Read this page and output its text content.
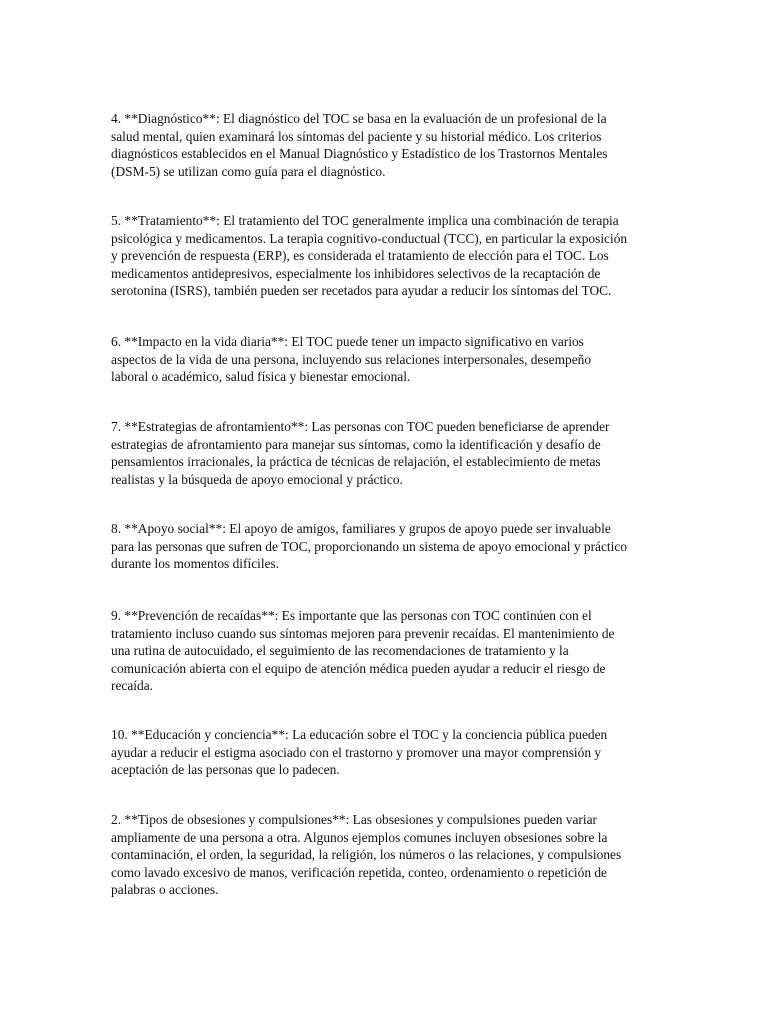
4. **Diagnóstico**: El diagnóstico del TOC se basa en la evaluación de un profesional de la
salud mental, quien examinará los síntomas del paciente y su historial médico. Los criterios
diagnósticos establecidos en el Manual Diagnóstico y Estadístico de los Trastornos Mentales
(DSM-5) se utilizan como guía para el diagnóstico.

5. **Tratamiento**: El tratamiento del TOC generalmente implica una combinación de terapia
psicológica y medicamentos. La terapia cognitivo-conductual (TCC), en particular la exposición
y prevención de respuesta (ERP), es considerada el tratamiento de elección para el TOC. Los
medicamentos antidepresivos, especialmente los inhibidores selectivos de la recaptación de
serotonina (ISRS), también pueden ser recetados para ayudar a reducir los síntomas del TOC.

6. **Impacto en la vida diaria**: El TOC puede tener un impacto significativo en varios
aspectos de la vida de una persona, incluyendo sus relaciones interpersonales, desempeño
laboral o académico, salud física y bienestar emocional.

7. **Estrategias de afrontamiento**: Las personas con TOC pueden beneficiarse de aprender
estrategias de afrontamiento para manejar sus síntomas, como la identificación y desafío de
pensamientos irracionales, la práctica de técnicas de relajación, el establecimiento de metas
realistas y la búsqueda de apoyo emocional y práctico.

8. **Apoyo social**: El apoyo de amigos, familiares y grupos de apoyo puede ser invaluable
para las personas que sufren de TOC, proporcionando un sistema de apoyo emocional y práctico
durante los momentos difíciles.

9. **Prevención de recaídas**: Es importante que las personas con TOC continúen con el
tratamiento incluso cuando sus síntomas mejoren para prevenir recaídas. El mantenimiento de
una rutina de autocuidado, el seguimiento de las recomendaciones de tratamiento y la
comunicación abierta con el equipo de atención médica pueden ayudar a reducir el riesgo de
recaída.

10. **Educación y conciencia**: La educación sobre el TOC y la conciencia pública pueden
ayudar a reducir el estigma asociado con el trastorno y promover una mayor comprensión y
aceptación de las personas que lo padecen.

2. **Tipos de obsesiones y compulsiones**: Las obsesiones y compulsiones pueden variar
ampliamente de una persona a otra. Algunos ejemplos comunes incluyen obsesiones sobre la
contaminación, el orden, la seguridad, la religión, los números o las relaciones, y compulsiones
como lavado excesivo de manos, verificación repetida, conteo, ordenamiento o repetición de
palabras o acciones.
